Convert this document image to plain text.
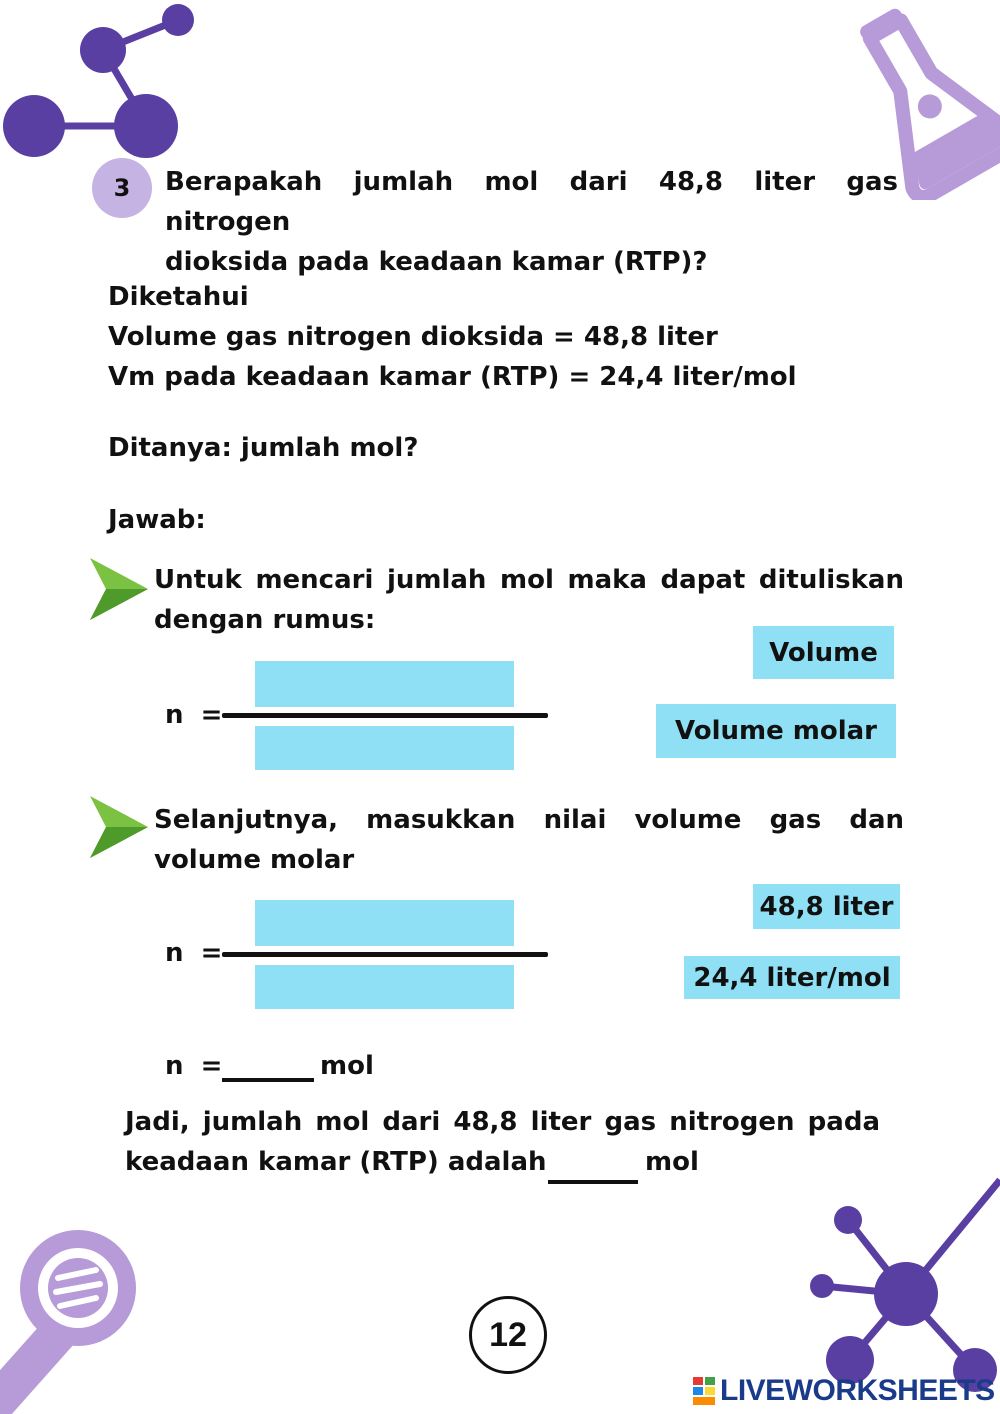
3 Berapakah jumlah mol dari 48,8 liter gas nitrogen
dioksida pada keadaan kamar (RTP)?
Diketahui
Volume gas nitrogen dioksida = 48,8 liter
Vm pada keadaan kamar (RTP) = 24,4 liter/mol
Ditanya: jumlah mol?
Jawab:
Untuk mencari jumlah mol maka dapat dituliskan
dengan rumus:
n =
Volume
Volume molar
Selanjutnya, masukkan nilai volume gas dan
volume molar
n =
48,8 liter
24,4 liter/mol
n =	mol
Jadi, jumlah mol dari 48,8 liter gas nitrogen pada
keadaan kamar (RTP) adalah	mol
12
LIVEWORKSHEETS
